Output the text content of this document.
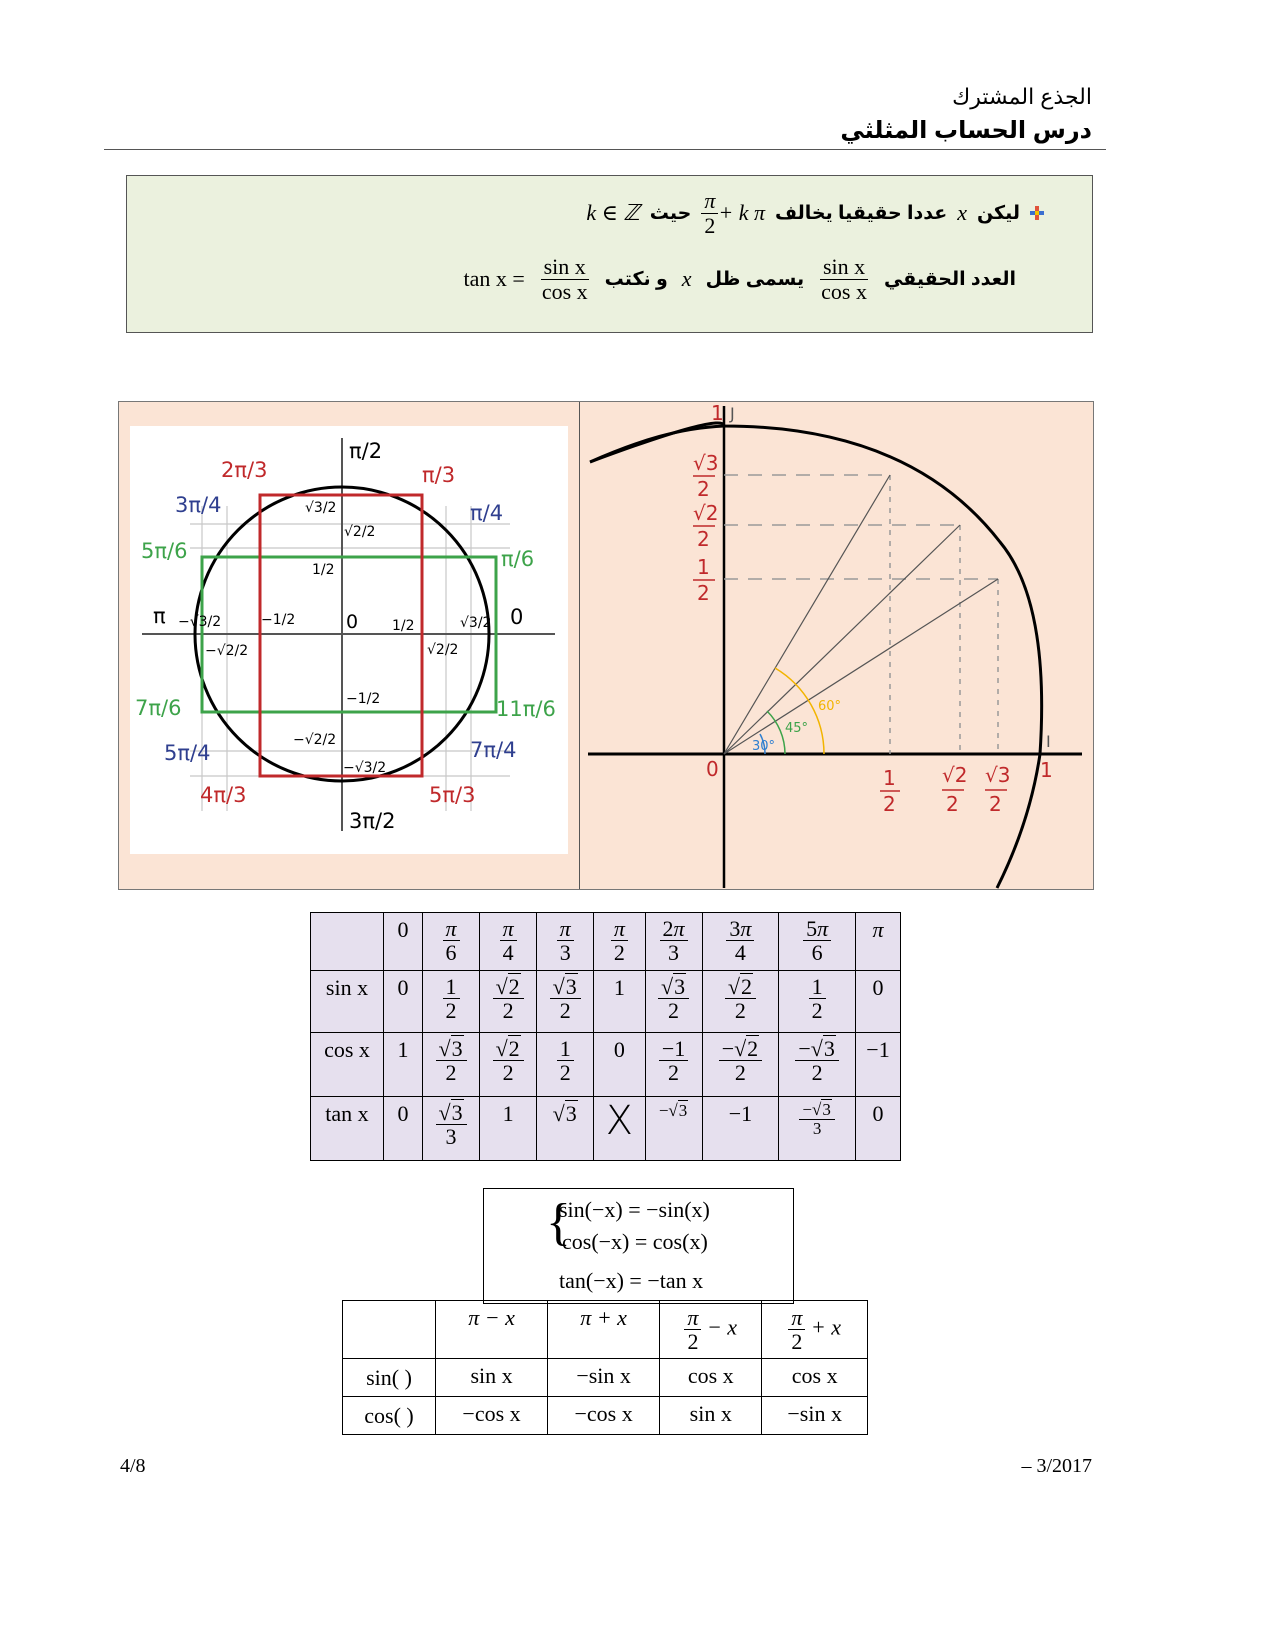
الجذع المشترك
درس الحساب المثلثي
ليكن
x
عددا حقيقيا يخالف
$\frac{\pi}{2} + k$ π
حيث
k ∈ ℤ
العدد الحقيقي
$\frac{\text{sin x}}{\text{cos x}}$
يسمى ظل
x
و نكتب
$\frac{\text{sin x}}{\text{cos x}}$
tan x =
π/2
2π/3	π/3
3π/4	π/4
5π/6	π/6
π	0
7π/6	11π/6
5π/4	7π/4
4π/3	5π/3
3π/2
√3/2
√2/2
1/2
−√3/2	−1/2	0 1/2	√3/2
−√2/2	√2/2
−1/2
−√2/2
−√3/2
60°
45°
30°
1
√3
2
√2
2
1
2
0	1
2
√2
2
√3
2
1
J
I
	0	$\frac{\pi}{6}$	$\frac{\pi}{4}$	$\frac{\pi}{3}$	$\frac{\pi}{2}$	$\frac{2\pi}{3}$	$\frac{3\pi}{4}$	$\frac{5\pi}{6}$	π
sin x	0	$\frac{1}{2}$	$\frac{√2}{2}$	$\frac{√3}{2}$	1	$\frac{√3}{2}$	$\frac{√2}{2}$	$\frac{1}{2}$	0
cos x	1	$\frac{√3}{2}$	$\frac{√2}{2}$	$\frac{1}{2}$	0	$\frac{-1}{2}$	$\frac{-√2}{2}$	$\frac{-√3}{2}$	−1
tan x	0	$\frac{√3}{3}$	1	√3	X	−√3	−1	$\frac{-√3}{3}$	0
{
sin(−x) = −sin(x)
cos(−x) = cos(x)
tan(−x) = −tan x
	π − x	π + x	$\frac{\pi}{2} - x$	$\frac{\pi}{2} + x$
sin( )	sin x	−sin x	cos x	cos x
cos( )	−cos x	−cos x	sin x	−sin x
4/8	– 3/2017
